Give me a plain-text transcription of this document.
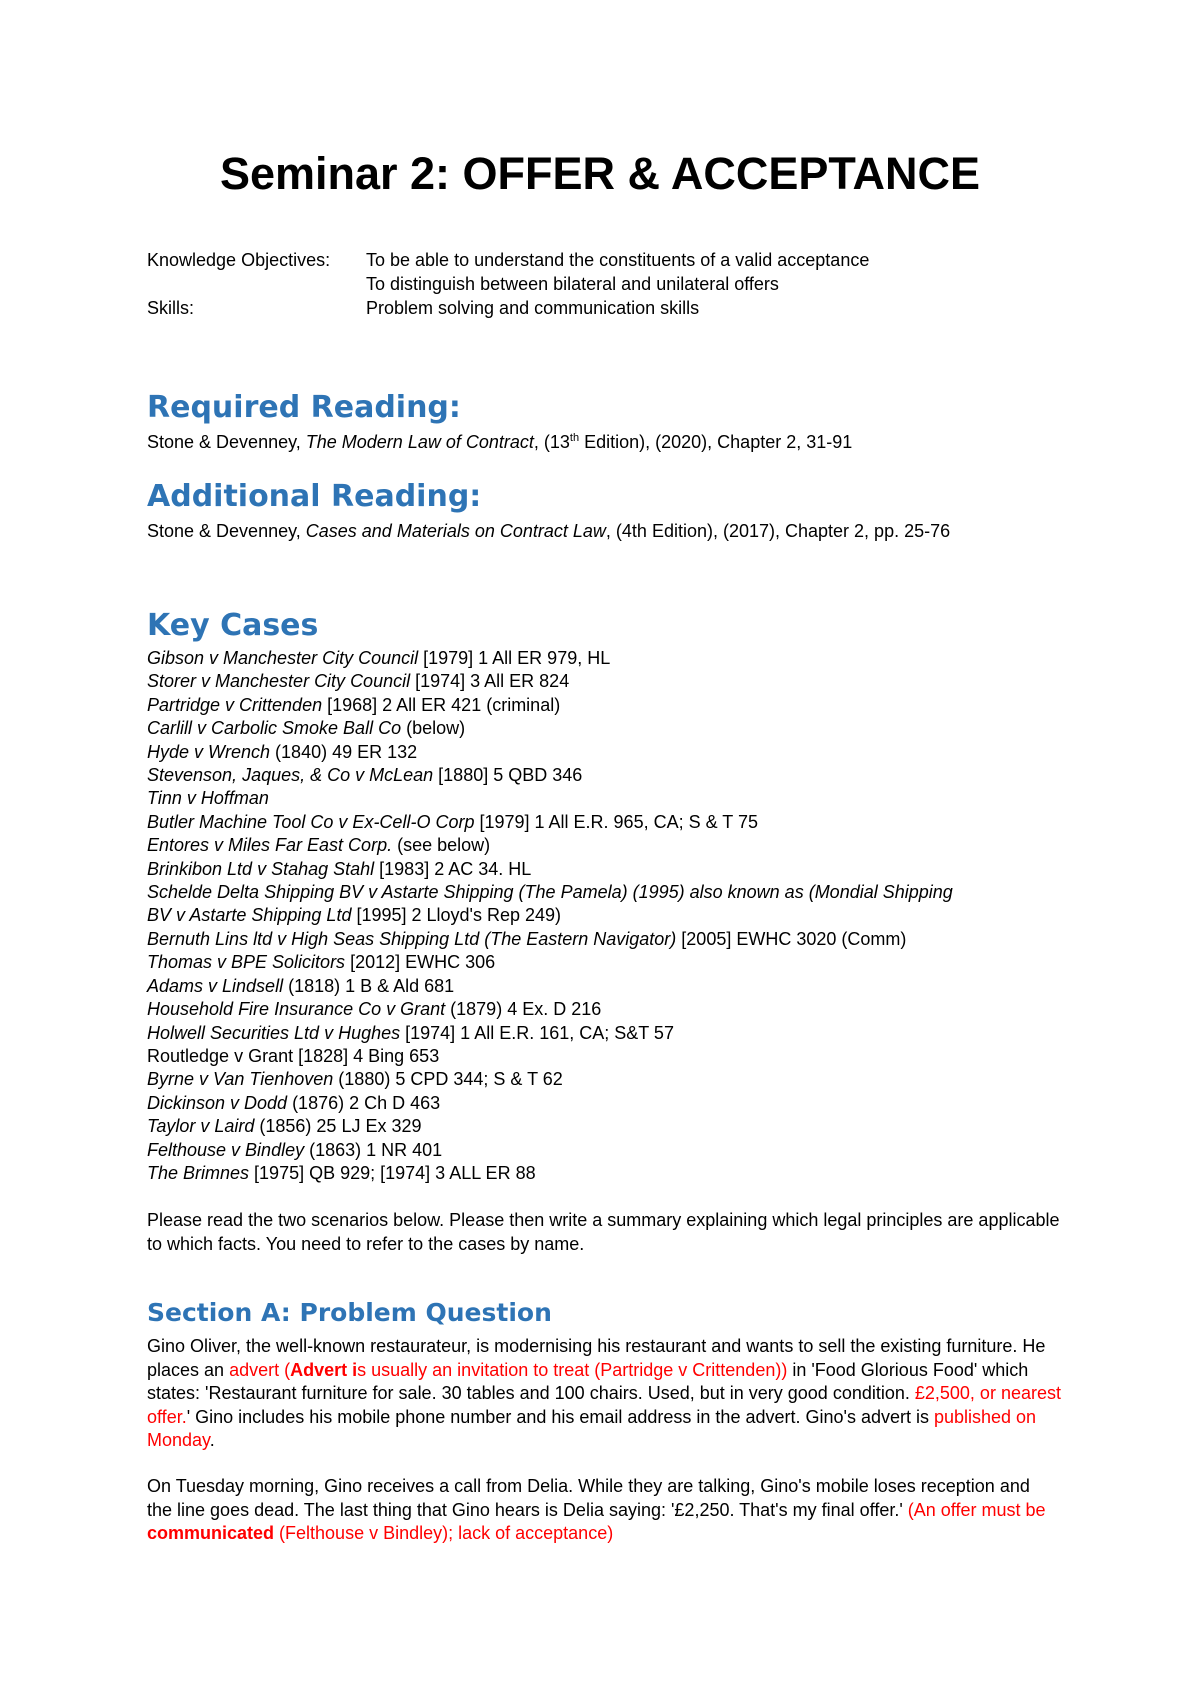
Seminar 2: OFFER & ACCEPTANCE
Knowledge Objectives:	To be able to understand the constituents of a valid acceptance
To distinguish between bilateral and unilateral offers
Skills:	Problem solving and communication skills
Required Reading:
Stone & Devenney, The Modern Law of Contract, (13th Edition), (2020), Chapter 2, 31-91
Additional Reading:
Stone & Devenney, Cases and Materials on Contract Law, (4th Edition), (2017), Chapter 2, pp. 25-76
Key Cases
Gibson v Manchester City Council [1979] 1 All ER 979, HL
Storer v Manchester City Council [1974] 3 All ER 824
Partridge v Crittenden [1968] 2 All ER 421 (criminal)
Carlill v Carbolic Smoke Ball Co (below)
Hyde v Wrench (1840) 49 ER 132
Stevenson, Jaques, & Co v McLean [1880] 5 QBD 346
Tinn v Hoffman
Butler Machine Tool Co v Ex-Cell-O Corp [1979] 1 All E.R. 965, CA; S & T 75
Entores v Miles Far East Corp. (see below)
Brinkibon Ltd v Stahag Stahl [1983] 2 AC 34. HL
Schelde Delta Shipping BV v Astarte Shipping (The Pamela) (1995) also known as (Mondial Shipping
BV v Astarte Shipping Ltd [1995] 2 Lloyd's Rep 249)
Bernuth Lins ltd v High Seas Shipping Ltd (The Eastern Navigator) [2005] EWHC 3020 (Comm)
Thomas v BPE Solicitors [2012] EWHC 306
Adams v Lindsell (1818) 1 B & Ald 681
Household Fire Insurance Co v Grant (1879) 4 Ex. D 216
Holwell Securities Ltd v Hughes [1974] 1 All E.R. 161, CA; S&T 57
Routledge v Grant [1828] 4 Bing 653
Byrne v Van Tienhoven (1880) 5 CPD 344; S & T 62
Dickinson v Dodd (1876) 2 Ch D 463
Taylor v Laird (1856) 25 LJ Ex 329
Felthouse v Bindley (1863) 1 NR 401
The Brimnes [1975] QB 929; [1974] 3 ALL ER 88
Please read the two scenarios below. Please then write a summary explaining which legal principles are applicable to which facts. You need to refer to the cases by name.
Section A: Problem Question
Gino Oliver, the well-known restaurateur, is modernising his restaurant and wants to sell the existing furniture. He places an advert (Advert is usually an invitation to treat (Partridge v Crittenden)) in 'Food Glorious Food' which states: 'Restaurant furniture for sale. 30 tables and 100 chairs. Used, but in very good condition. £2,500, or nearest offer.' Gino includes his mobile phone number and his email address in the advert. Gino's advert is published on Monday.
On Tuesday morning, Gino receives a call from Delia. While they are talking, Gino's mobile loses reception and the line goes dead. The last thing that Gino hears is Delia saying: '£2,250. That's my final offer.' (An offer must be communicated (Felthouse v Bindley); lack of acceptance)
